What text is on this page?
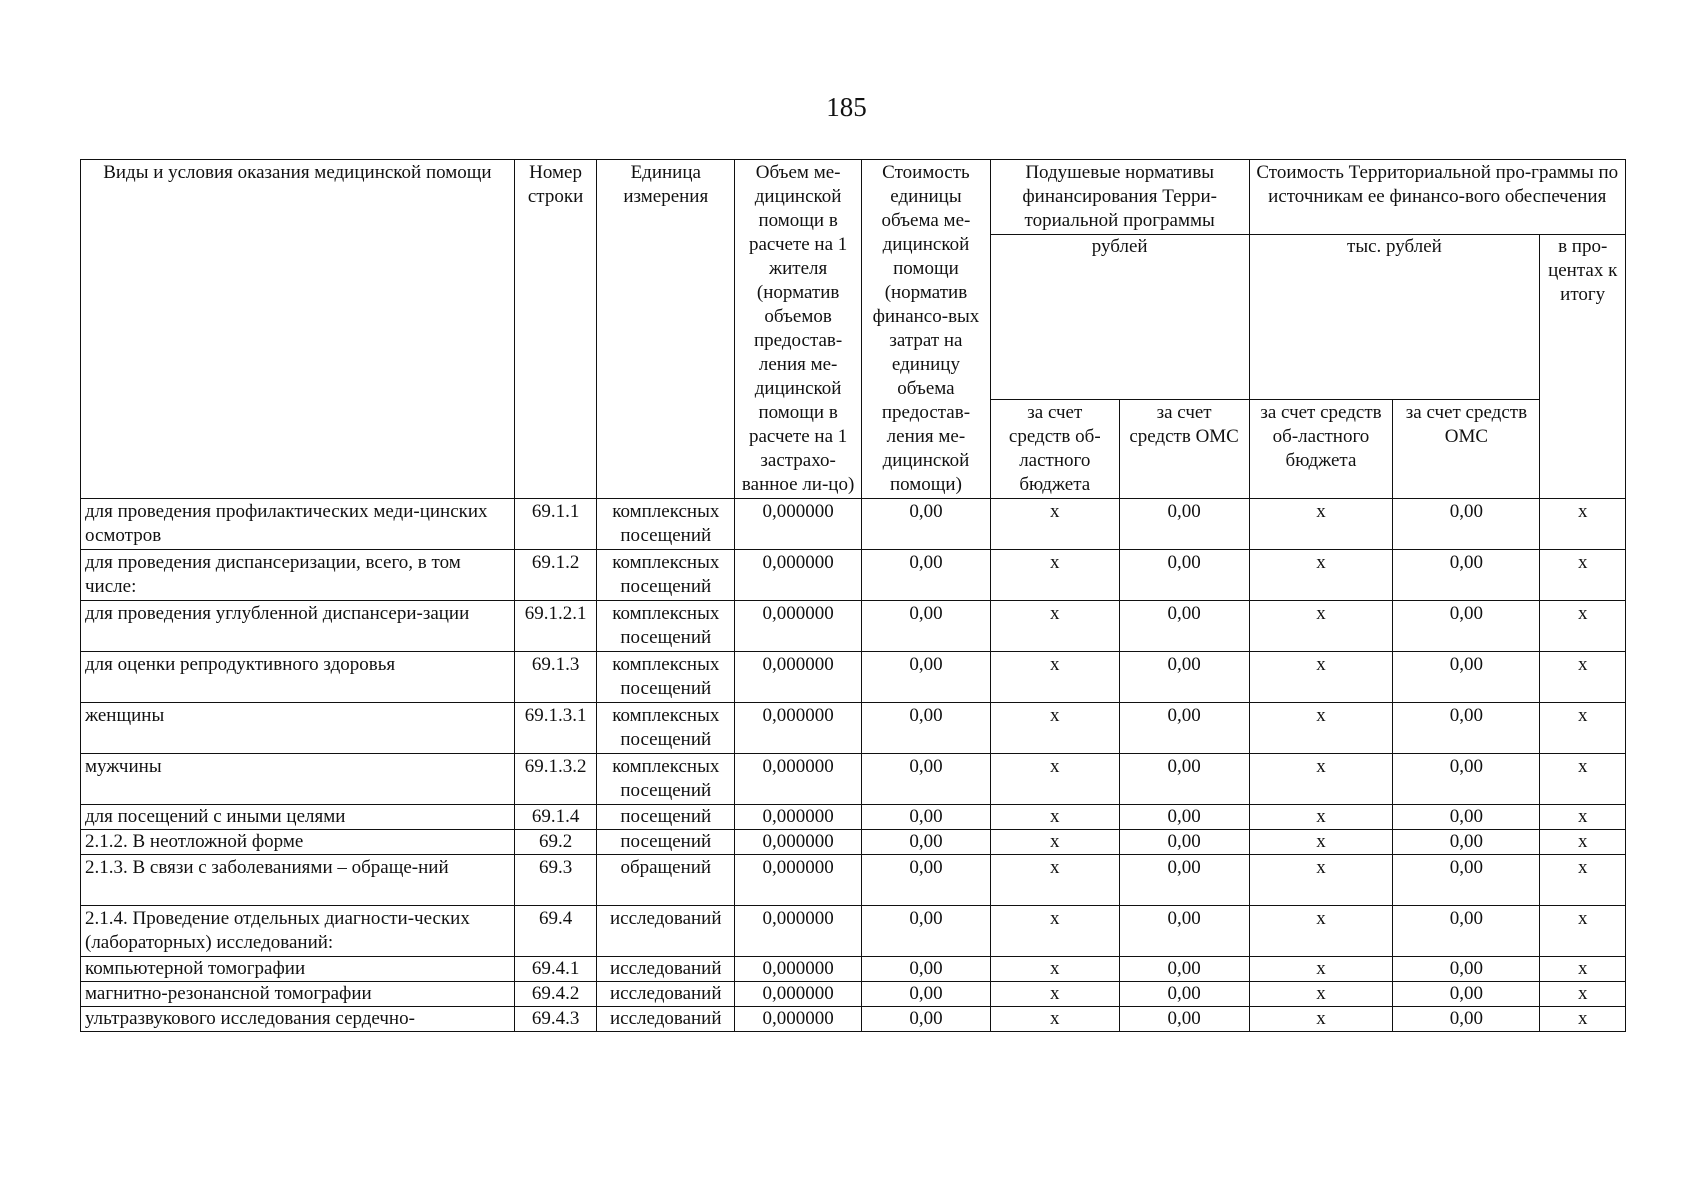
185
Виды и условия оказания медицинской помощи	Номер строки	Единица измерения	Объем ме-дицинской помощи в расчете на 1 жителя (норматив объемов предостав-ления ме-дицинской помощи в расчете на 1 застрахо-ванное ли-цо)	Стоимость единицы объема ме-дицинской помощи (норматив финансо-вых затрат на единицу объема предостав-ления ме-дицинской помощи)	Подушевые нормативы финансирования Терри-ториальной программы		Стоимость Территориальной про-граммы по источникам ее финансо-вого обеспечения		
					рублей		тыс. рублей		в про-центах к итогу
					за счет средств об-ластного бюджета	за счет средств ОМС	за счет средств об-ластного бюджета	за счет средств ОМС	
для проведения профилактических меди-цинских осмотров	69.1.1	комплексных посещений	0,000000	0,00	х	0,00	х	0,00	х
для проведения диспансеризации, всего, в том числе:	69.1.2	комплексных посещений	0,000000	0,00	х	0,00	х	0,00	х
для проведения углубленной диспансери-зации	69.1.2.1	комплексных посещений	0,000000	0,00	х	0,00	х	0,00	х
для оценки репродуктивного здоровья	69.1.3	комплексных посещений	0,000000	0,00	х	0,00	х	0,00	х
женщины	69.1.3.1	комплексных посещений	0,000000	0,00	х	0,00	х	0,00	х
мужчины	69.1.3.2	комплексных посещений	0,000000	0,00	х	0,00	х	0,00	х
для посещений с иными целями	69.1.4	посещений	0,000000	0,00	х	0,00	х	0,00	х
2.1.2. В неотложной форме	69.2	посещений	0,000000	0,00	х	0,00	х	0,00	х
2.1.3. В связи с заболеваниями – обраще-ний	69.3	обращений	0,000000	0,00	х	0,00	х	0,00	х
2.1.4. Проведение отдельных диагности-ческих (лабораторных) исследований:	69.4	исследований	0,000000	0,00	х	0,00	х	0,00	х
компьютерной томографии	69.4.1	исследований	0,000000	0,00	х	0,00	х	0,00	х
магнитно-резонансной томографии	69.4.2	исследований	0,000000	0,00	х	0,00	х	0,00	х
ультразвукового исследования сердечно-	69.4.3	исследований	0,000000	0,00	х	0,00	х	0,00	х
